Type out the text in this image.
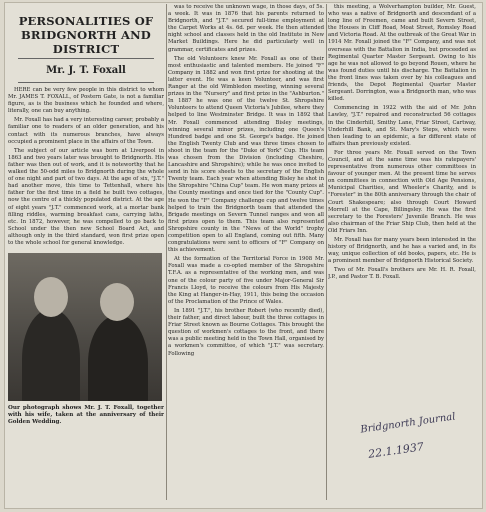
PERSONALITIES OF
BRIDGNORTH AND DISTRICT
Mr. J. T. Foxall

HERE can be very few people in this district to whom Mr. JAMES T. FOXALL, of Postern Gate, is not a familiar figure, as is the business which he founded and where, literally, one can buy anything.

Mr. Foxall has had a very interesting career, probably a familiar one to readers of an older generation, and his contact with its numerous branches, have always occupied a prominent place in the affairs of the Town.

The subject of our article was born at Liverpool in 1863 and two years later was brought to Bridgnorth. His father was then out of work, and it is noteworthy that he walked the 50-odd miles to Bridgnorth during the whole of one night and part of two days. At the age of six, "J.T." had another move, this time to Tettenhall, where his father for the first time in a field he built two cottages, now the centre of a thickly populated district. At the age of eight years "J.T." commenced work, at a mortar bank filling riddles, warming breakfast cans, carrying laths, etc. In 1872, however, he was compelled to go back to School under the then new School Board Act, and although only in the third standard, won first prize open to the whole school for general knowledge.

Our photograph shows Mr. J. T. Foxall, together with his wife, taken at the anniversary of their Golden Wedding.

was to receive the unknown wage, in those days, of 5s. a week. It was in 1876 that his parents returned to Bridgnorth, and "J.T." secured full-time employment at the Carpet Works at 4s. 6d. per week. He then attended night school and classes held in the old Institute in New Market Buildings. Here he did particularly well in grammar, certificates and prizes.

The old Volunteers knew Mr. Foxall as one of their most enthusiastic and talented members. He joined "F" Company in 1882 and won first prize for shooting at the latter event. He was a keen Volunteer, and was first Ranger at the old Wimbledon meeting, winning several prizes in the "Nursery" and first prize in the "Ashburton." In 1887 he was one of the twelve St. Shropshire Volunteers to attend Queen Victoria's Jubilee, where they helped to line Westminster Bridge. It was in 1892 that Mr. Foxall commenced attending Bisley meetings, winning several minor prizes, including one Queen's Hundred badge and one St. George's badge. He joined the English Twenty Club and was three times chosen to shoot in the team for the "Duke of York" Cup. His team was chosen from the Division (including Cheshire, Lancashire and Shropshire); while he was once invited to send in his score sheets to the secretary of the English Twenty team. Each year when attending Bisley he shot in the Shropshire "China Cup" team. He won many prizes at the County meetings and once tied for the "County Cup". He won the "F" Company challenge cup and twelve times helped to train the Bridgnorth team that attended the Brigade meetings on Severn Tunnel ranges and won all first prizes open to them. This team also represented Shropshire county in the "News of the World" trophy competition open to all England, coming out fifth. Many congratulations were sent to officers of "F" Company on this achievement.

At the formation of the Territorial Force in 1908 Mr. Foxall was made a co-opted member of the Shropshire T.F.A. as a representative of the working men, and was one of the colour party of five under Major-General Sir Francis Lloyd, to receive the colours from His Majesty the King at Hanger-in-Hay, 1911, this being the occasion of the Proclamation of the Prince of Wales.

In 1891 "J.T.", his brother Robert (who recently died), their father, and direct labour, built the three cottages in Friar Street known as Bourne Cottages. This brought the question of workmen's cottages to the front, and there was a public meeting held in the Town Hall, organised by a workmen's committee, of which "J.T." was secretary. Following

this meeting, a Wolverhampton builder, Mr. Guest, who was a native of Bridgnorth and descendant of a long line of Freemen, came and built Severn Street, the Houses in Cliff Road, Moat Street, Romsley Road and Victoria Road. At the outbreak of the Great War in 1914 Mr. Foxall joined the "F" Company, and was not overseas with the Battalion in India, but proceeded as Regimental Quarter Master Sergeant. Owing to his age he was not allowed to go beyond Rouen, where he was found duties until his discharge. The Battalion in the front lines was taken over by his colleagues and friends, the Depot Regimental Quarter Master Sergeant. Dorrington, was a Bridgnorth man, who was killed.

Commencing in 1922 with the aid of Mr. John Lawley, "J.T." repaired and reconstructed 56 cottages in the Cinderhill, Smithy Lane, Friar Street, Cartway, Underhill Bank, and St. Mary's Steps, which were then leading to an epidemic, a far different state of affairs than previously existed.

For three years Mr. Foxall served on the Town Council, and at the same time was his ratepayers' representative from numerous other committees in favour of younger men. At the present time he serves on committees in connection with Old Age Pensions, Municipal Charities, and Wheeler's Charity, and is "Forester" in the 80th anniversary through the chair of Court Shakespeare; also through Court Howard Morrell at the Cape, Billingsley. He was the first secretary to the Foresters' Juvenile Branch. He was also chairman of the Friar Ship Club, then held at the Old Friars Inn.

Mr. Foxall has for many years been interested in the history of Bridgnorth, and he has a varied and, in its way, unique collection of old books, papers, etc. He is a prominent member of Bridgnorth Historical Society.

Two of Mr. Foxall's brothers are Mr. H. R. Foxall, J.P., and Pastor T. B. Foxall.

Bridgnorth Journal
22.1.1937
